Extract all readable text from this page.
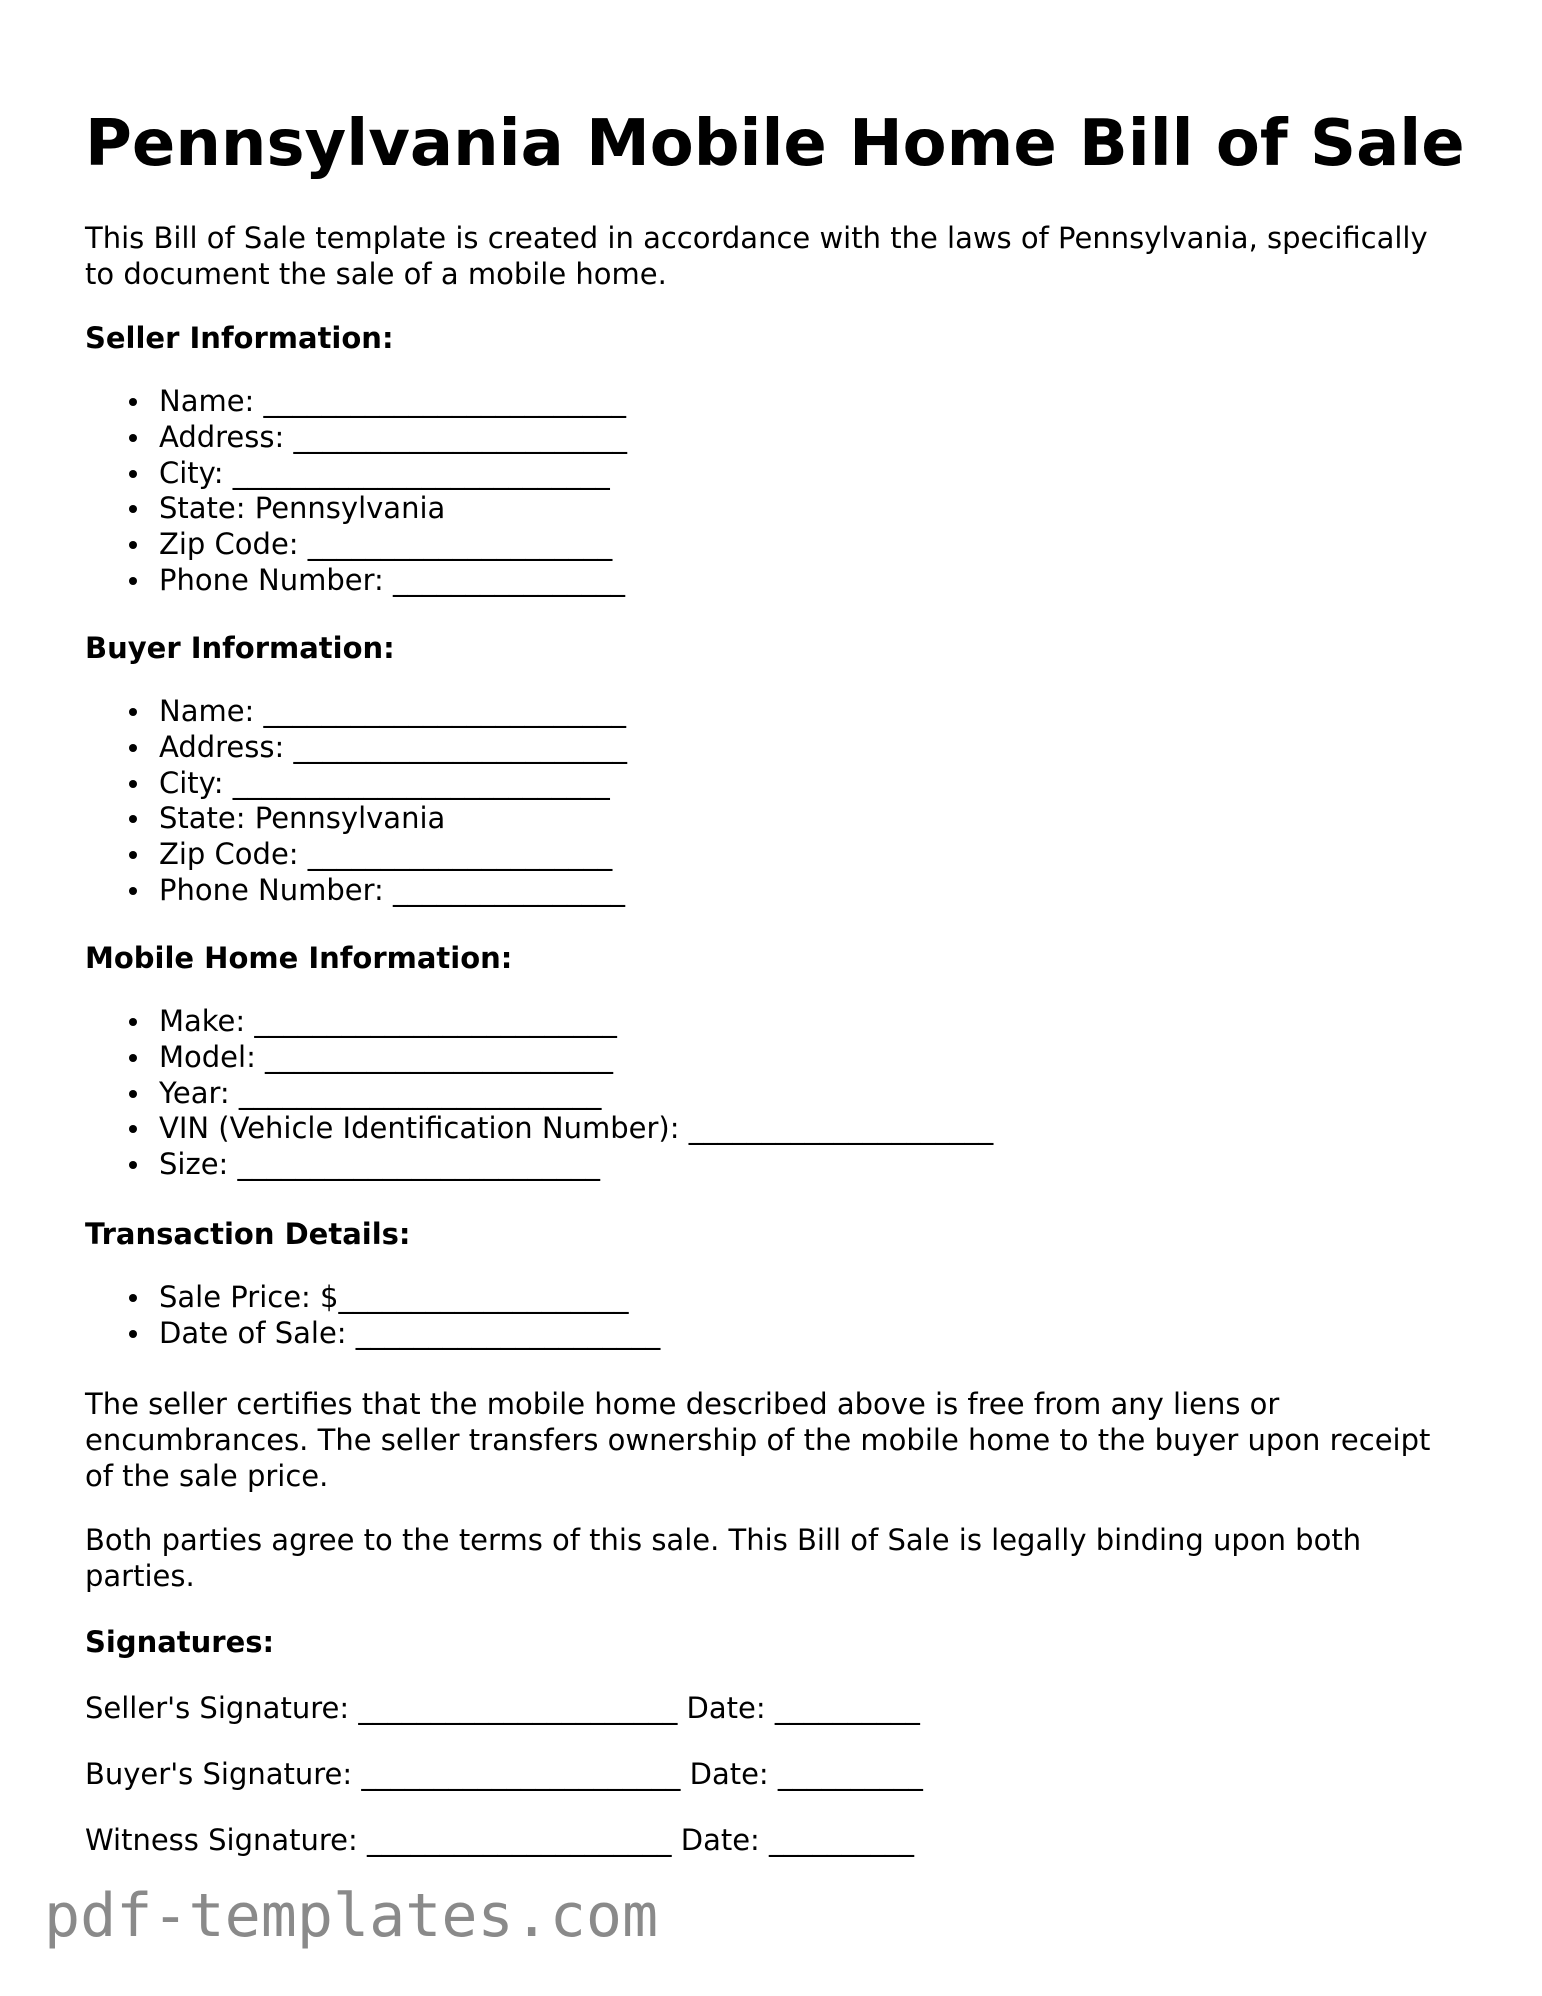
Pennsylvania Mobile Home Bill of Sale

This Bill of Sale template is created in accordance with the laws of Pennsylvania, specifically to document the sale of a mobile home.

Seller Information:

Name: _________________________
Address: _______________________
City: __________________________
State: Pennsylvania
Zip Code: _____________________
Phone Number: ________________

Buyer Information:

Name: _________________________
Address: _______________________
City: __________________________
State: Pennsylvania
Zip Code: _____________________
Phone Number: ________________

Mobile Home Information:

Make: _________________________
Model: ________________________
Year: _________________________
VIN (Vehicle Identification Number): _____________________
Size: _________________________

Transaction Details:

Sale Price: $____________________
Date of Sale: _____________________

The seller certifies that the mobile home described above is free from any liens or encumbrances. The seller transfers ownership of the mobile home to the buyer upon receipt of the sale price.

Both parties agree to the terms of this sale. This Bill of Sale is legally binding upon both parties.

Signatures:

Seller's Signature: ______________________ Date: __________

Buyer's Signature: ______________________ Date: __________

Witness Signature: _____________________ Date: __________

pdf-templates.com
